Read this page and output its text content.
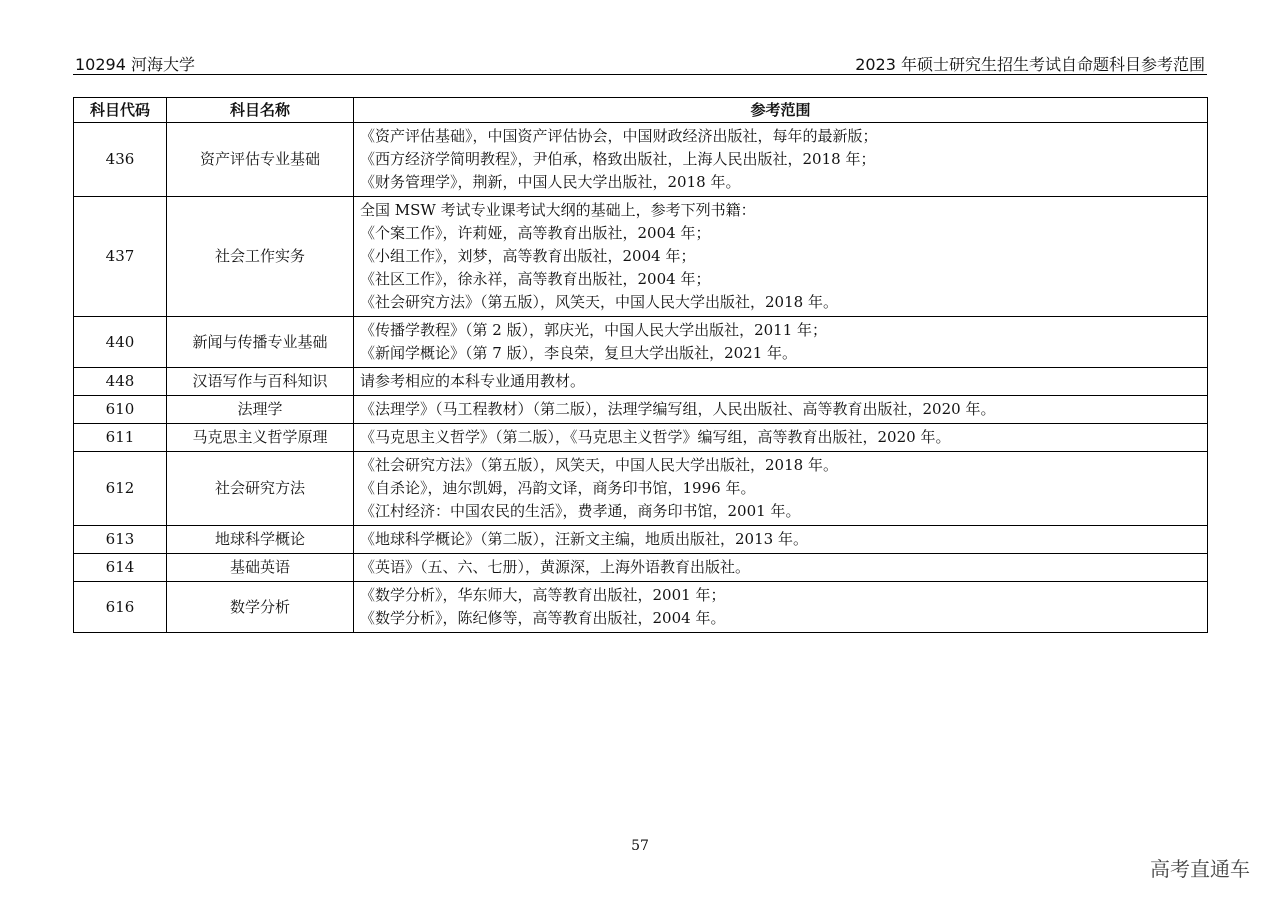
10294 河海大学	2023 年硕士研究生招生考试自命题科目参考范围
科目代码	科目名称	参考范围
436	资产评估专业基础	《资产评估基础》，中国资产评估协会，中国财政经济出版社，每年的最新版；
《西方经济学简明教程》，尹伯承，格致出版社，上海人民出版社，2018 年；
《财务管理学》，荆新，中国人民大学出版社，2018 年。

437	社会工作实务	全国 MSW 考试专业课考试大纲的基础上，参考下列书籍：
《个案工作》，许莉娅，高等教育出版社，2004 年；
《小组工作》，刘梦，高等教育出版社，2004 年；
《社区工作》，徐永祥，高等教育出版社，2004 年；
《社会研究方法》（第五版），风笑天，中国人民大学出版社，2018 年。

440	新闻与传播专业基础	《传播学教程》（第 2 版），郭庆光，中国人民大学出版社，2011 年；
《新闻学概论》（第 7 版），李良荣，复旦大学出版社，2021 年。

448	汉语写作与百科知识	请参考相应的本科专业通用教材。

610	法理学	《法理学》（马工程教材）（第二版），法理学编写组，人民出版社、高等教育出版社，2020 年。

611	马克思主义哲学原理	《马克思主义哲学》（第二版），《马克思主义哲学》编写组，高等教育出版社，2020 年。

612	社会研究方法	《社会研究方法》（第五版），风笑天，中国人民大学出版社，2018 年。
《自杀论》，迪尔凯姆，冯韵文译，商务印书馆，1996 年。
《江村经济：中国农民的生活》，费孝通，商务印书馆，2001 年。

613	地球科学概论	《地球科学概论》（第二版），汪新文主编，地质出版社，2013 年。

614	基础英语	《英语》（五、六、七册），黄源深，上海外语教育出版社。

616	数学分析	《数学分析》，华东师大，高等教育出版社，2001 年；
《数学分析》，陈纪修等，高等教育出版社，2004 年。
57
高考直通车
